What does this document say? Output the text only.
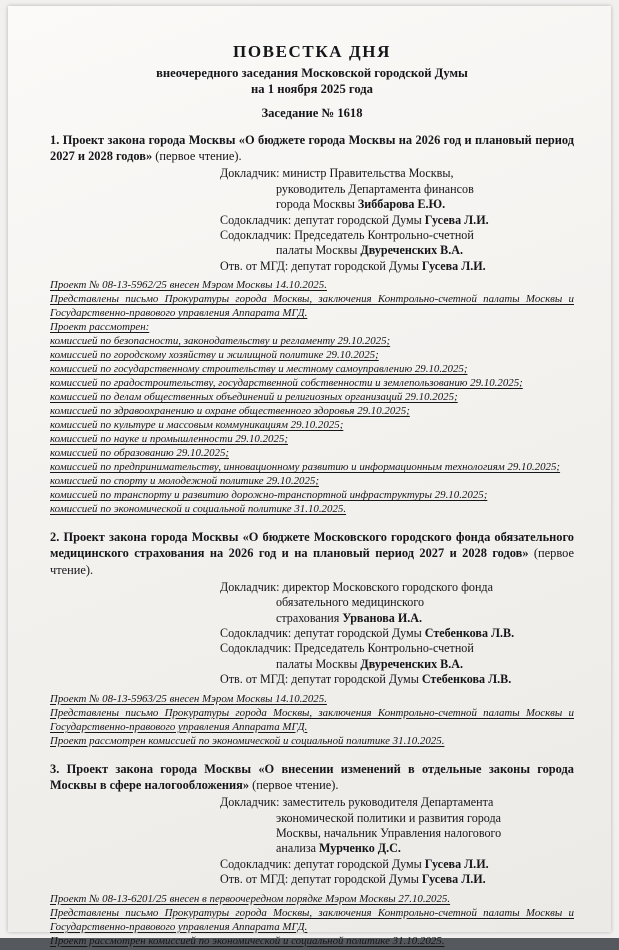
ПОВЕСТКА ДНЯ
внеочередного заседания Московской городской Думы
на 1 ноября 2025 года
Заседание № 1618
1. Проект закона города Москвы «О бюджете города Москвы на 2026 год и плановый период 2027 и 2028 годов» (первое чтение).
Докладчик: министр Правительства Москвы,
руководитель Департамента финансов
города Москвы Зиббарова Е.Ю.
Содокладчик: депутат городской Думы Гусева Л.И.
Содокладчик: Председатель Контрольно-счетной
палаты Москвы Двуреченских В.А.
Отв. от МГД: депутат городской Думы Гусева Л.И.
Проект № 08-13-5962/25 внесен Мэром Москвы 14.10.2025.
Представлены письмо Прокуратуры города Москвы, заключения Контрольно-счетной палаты Москвы и Государственно-правового управления Аппарата МГД.
Проект рассмотрен:
комиссией по безопасности, законодательству и регламенту 29.10.2025;
комиссией по городскому хозяйству и жилищной политике 29.10.2025;
комиссией по государственному строительству и местному самоуправлению 29.10.2025;
комиссией по градостроительству, государственной собственности и землепользованию 29.10.2025;
комиссией по делам общественных объединений и религиозных организаций 29.10.2025;
комиссией по здравоохранению и охране общественного здоровья 29.10.2025;
комиссией по культуре и массовым коммуникациям 29.10.2025;
комиссией по науке и промышленности 29.10.2025;
комиссией по образованию 29.10.2025;
комиссией по предпринимательству, инновационному развитию и информационным технологиям 29.10.2025;
комиссией по спорту и молодежной политике 29.10.2025;
комиссией по транспорту и развитию дорожно-транспортной инфраструктуры 29.10.2025;
комиссией по экономической и социальной политике 31.10.2025.
2. Проект закона города Москвы «О бюджете Московского городского фонда обязательного медицинского страхования на 2026 год и на плановый период 2027 и 2028 годов» (первое чтение).
Докладчик: директор Московского городского фонда
обязательного медицинского
страхования Урванова И.А.
Содокладчик: депутат городской Думы Стебенкова Л.В.
Содокладчик: Председатель Контрольно-счетной
палаты Москвы Двуреченских В.А.
Отв. от МГД: депутат городской Думы Стебенкова Л.В.
Проект № 08-13-5963/25 внесен Мэром Москвы 14.10.2025.
Представлены письмо Прокуратуры города Москвы, заключения Контрольно-счетной палаты Москвы и Государственно-правового управления Аппарата МГД.
Проект рассмотрен комиссией по экономической и социальной политике 31.10.2025.
3. Проект закона города Москвы «О внесении изменений в отдельные законы города Москвы в сфере налогообложения» (первое чтение).
Докладчик: заместитель руководителя Департамента
экономической политики и развития города
Москвы, начальник Управления налогового
анализа Мурченко Д.С.
Содокладчик: депутат городской Думы Гусева Л.И.
Отв. от МГД: депутат городской Думы Гусева Л.И.
Проект № 08-13-6201/25 внесен в первоочередном порядке Мэром Москвы 27.10.2025.
Представлены письмо Прокуратуры города Москвы, заключения Контрольно-счетной палаты Москвы и Государственно-правового управления Аппарата МГД.
Проект рассмотрен комиссией по экономической и социальной политике 31.10.2025.
